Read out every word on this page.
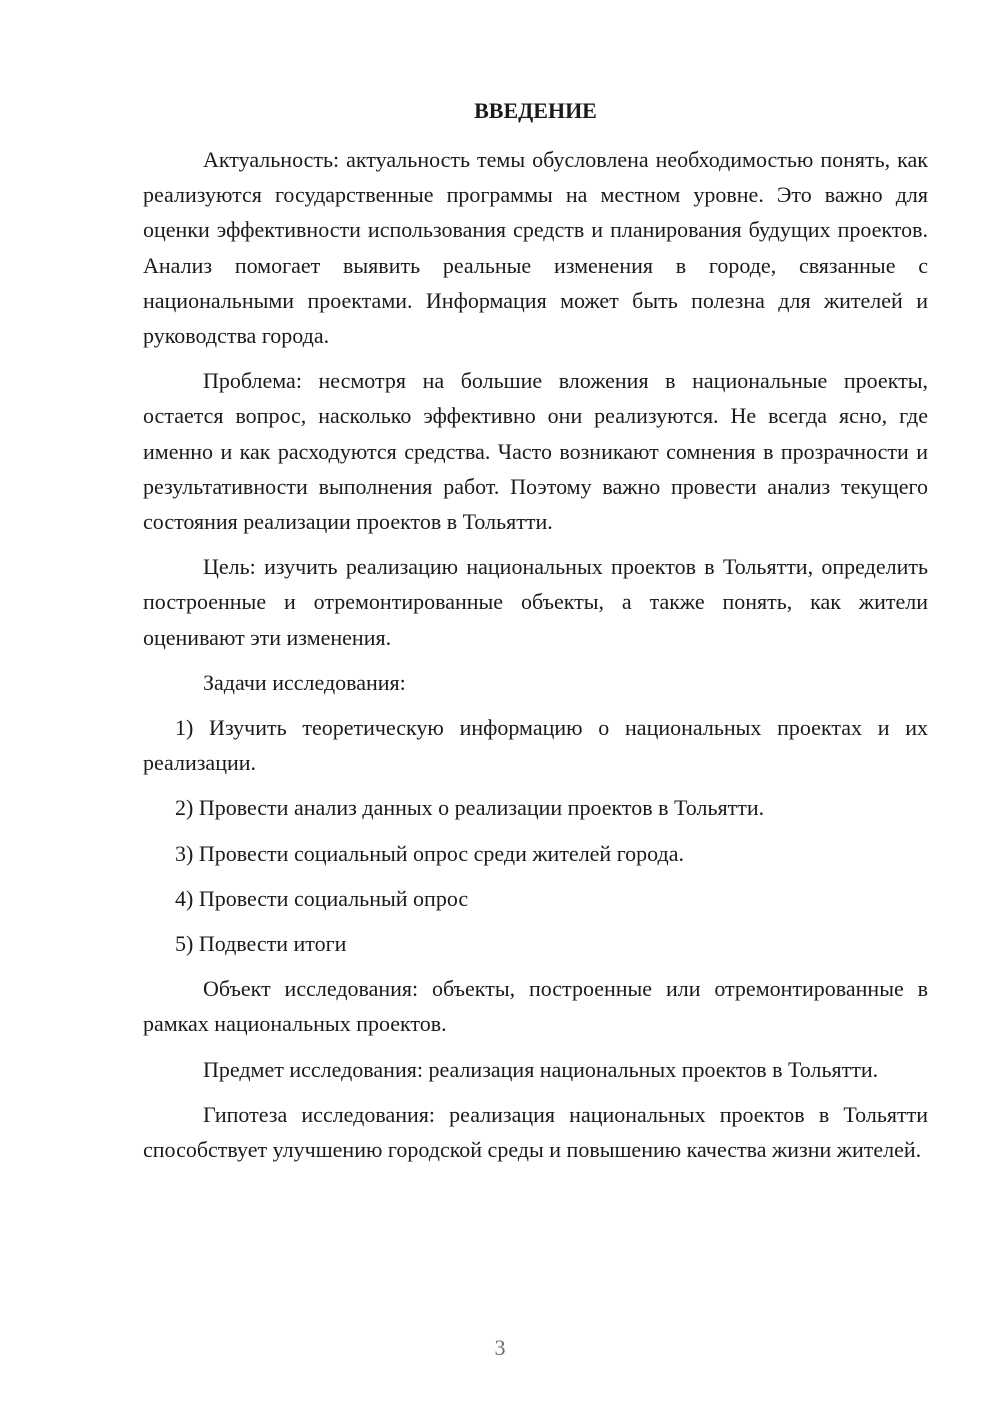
ВВЕДЕНИЕ

Актуальность: актуальность темы обусловлена необходимостью понять, как реализуются государственные программы на местном уровне. Это важно для оценки эффективности использования средств и планирования будущих проектов. Анализ помогает выявить реальные изменения в городе, связанные с национальными проектами. Информация может быть полезна для жителей и руководства города.

Проблема: несмотря на большие вложения в национальные проекты, остается вопрос, насколько эффективно они реализуются. Не всегда ясно, где именно и как расходуются средства. Часто возникают сомнения в прозрачности и результативности выполнения работ. Поэтому важно провести анализ текущего состояния реализации проектов в Тольятти.

Цель: изучить реализацию национальных проектов в Тольятти, определить построенные и отремонтированные объекты, а также понять, как жители оценивают эти изменения.

Задачи исследования:

1) Изучить теоретическую информацию о национальных проектах и их реализации.

2) Провести анализ данных о реализации проектов в Тольятти.

3) Провести социальный опрос среди жителей города.

4) Провести социальный опрос

5) Подвести итоги

Объект исследования: объекты, построенные или отремонтированные в рамках национальных проектов.

Предмет исследования: реализация национальных проектов в Тольятти.

Гипотеза исследования: реализация национальных проектов в Тольятти способствует улучшению городской среды и повышению качества жизни жителей.

3
